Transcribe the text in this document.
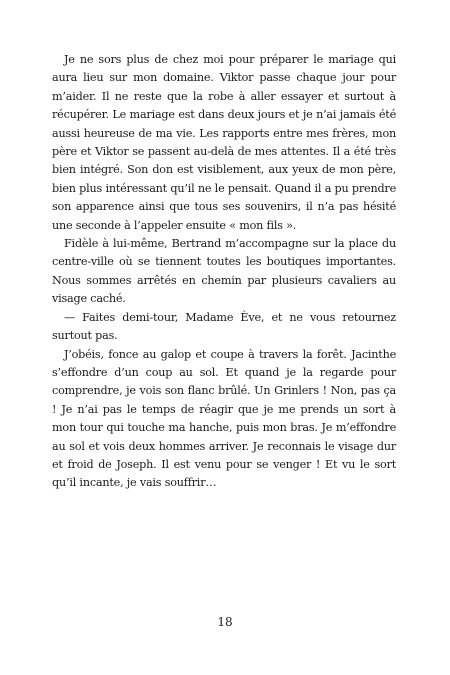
Je ne sors plus de chez moi pour préparer le mariage qui aura lieu sur mon domaine. Viktor passe chaque jour pour m’aider. Il ne reste que la robe à aller essayer et surtout à récupérer. Le mariage est dans deux jours et je n’ai jamais été aussi heureuse de ma vie. Les rapports entre mes frères, mon père et Viktor se passent au-delà de mes attentes. Il a été très bien intégré. Son don est visiblement, aux yeux de mon père, bien plus intéressant qu’il ne le pensait. Quand il a pu prendre son apparence ainsi que tous ses souvenirs, il n’a pas hésité une seconde à l’appeler ensuite « mon fils ».

Fidèle à lui-même, Bertrand m’accompagne sur la place du centre-ville où se tiennent toutes les boutiques importantes. Nous sommes arrêtés en chemin par plusieurs cavaliers au visage caché.

— Faites demi-tour, Madame Ève, et ne vous retournez surtout pas.

J’obéis, fonce au galop et coupe à travers la forêt. Jacinthe s’effondre d’un coup au sol. Et quand je la regarde pour comprendre, je vois son flanc brûlé. Un Grinlers ! Non, pas ça ! Je n’ai pas le temps de réagir que je me prends un sort à mon tour qui touche ma hanche, puis mon bras. Je m’effondre au sol et vois deux hommes arriver. Je reconnais le visage dur et froid de Joseph. Il est venu pour se venger ! Et vu le sort qu’il incante, je vais souffrir…

18
